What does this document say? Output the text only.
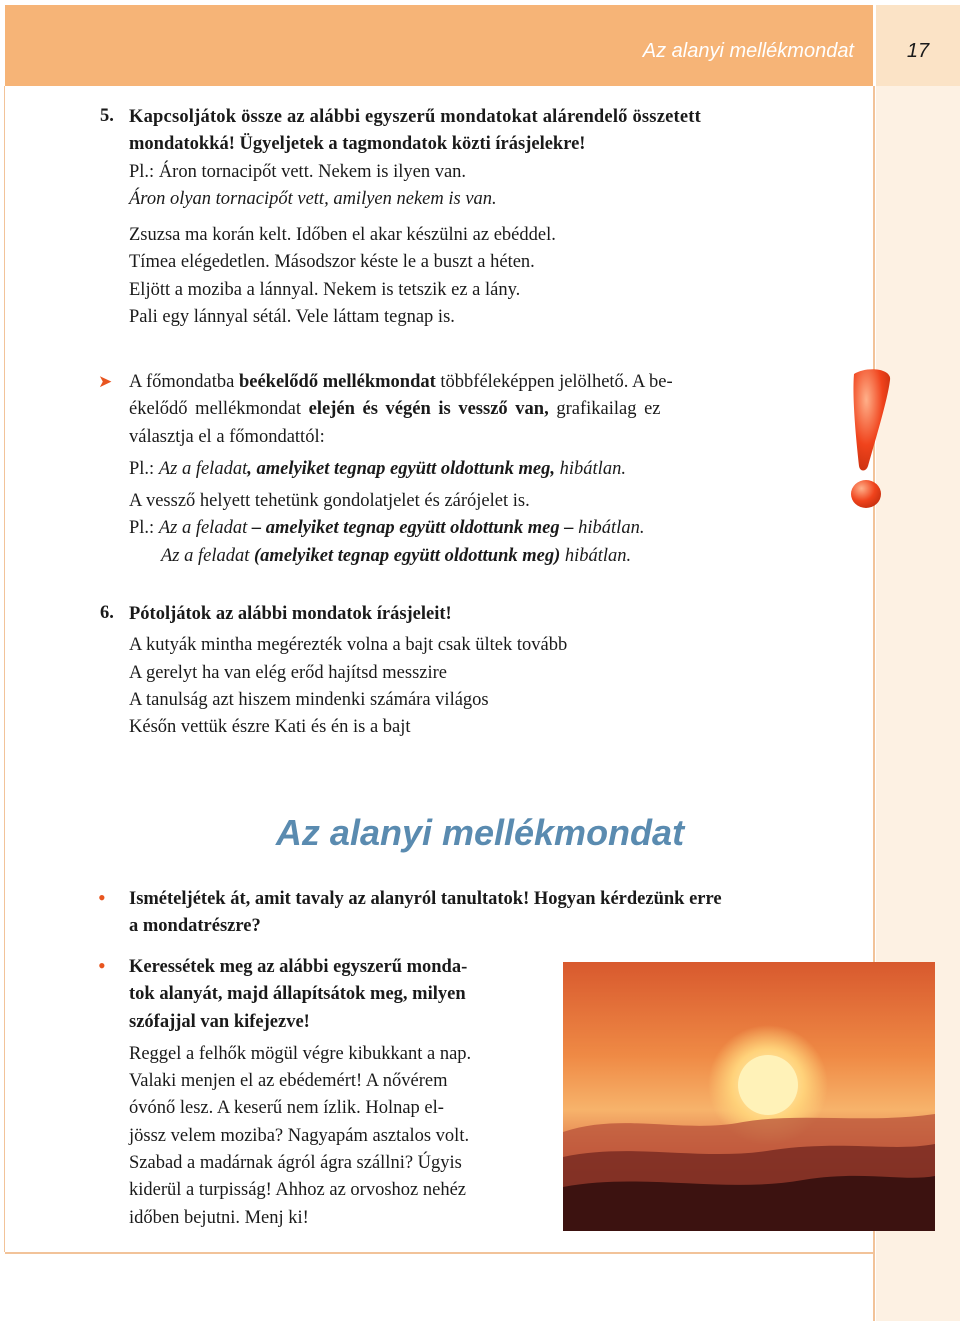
Az alanyi mellékmondat	17
5. Kapcsoljátok össze az alábbi egyszerű mondatokat alárendelő összetett

mondatokká! Ügyeljetek a tagmondatok közti írásjelekre!

Pl.: Áron tornacipőt vett. Nekem is ilyen van.

Áron olyan tornacipőt vett, amilyen nekem is van.

Zsuzsa ma korán kelt. Időben el akar készülni az ebéddel.

Tímea elégedetlen. Másodszor késte le a buszt a héten.

Eljött a moziba a lánnyal. Nekem is tetszik ez a lány.

Pali egy lánnyal sétál. Vele láttam tegnap is.

➤ A főmondatba beékelődő mellékmondat többféleképpen jelölhető. A be-

ékelődő mellékmondat elején és végén is vessző van, grafikailag ez

választja el a főmondattól:

Pl.: Az a feladat, amelyiket tegnap együtt oldottunk meg, hibátlan.

A vessző helyett tehetünk gondolatjelet és zárójelet is.

Pl.: Az a feladat – amelyiket tegnap együtt oldottunk meg – hibátlan.

Az a feladat (amelyiket tegnap együtt oldottunk meg) hibátlan.

6. Pótoljátok az alábbi mondatok írásjeleit!

A kutyák mintha megérezték volna a bajt csak ültek tovább

A gerelyt ha van elég erőd hajítsd messzire

A tanulság azt hiszem mindenki számára világos

Későn vettük észre Kati és én is a bajt

Az alanyi mellékmondat
• Ismételjétek át, amit tavaly az alanyról tanultatok! Hogyan kérdezünk erre

a mondatrészre?

• Keressétek meg az alábbi egyszerű monda-

tok alanyát, majd állapítsátok meg, milyen

szófajjal van kifejezve!

Reggel a felhők mögül végre kibukkant a nap.

Valaki menjen el az ebédemért! A nővérem

óvónő lesz. A keserű nem ízlik. Holnap el-

jössz velem moziba? Nagyapám asztalos volt.

Szabad a madárnak ágról ágra szállni? Úgyis

kiderül a turpisság! Ahhoz az orvoshoz nehéz

időben bejutni. Menj ki!
